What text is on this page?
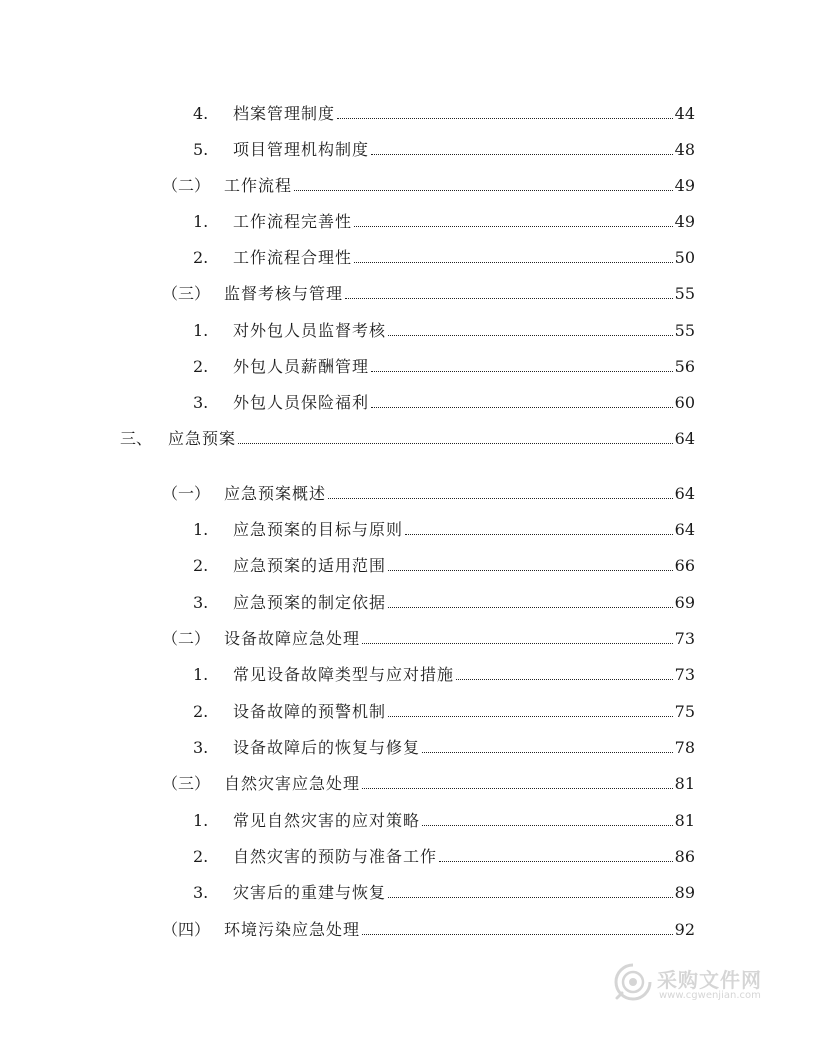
4.	档案管理制度	44
5.	项目管理机构制度	48
（二） 工作流程	49
1.	工作流程完善性	49
2.	工作流程合理性	50
（三） 监督考核与管理	55
1.	对外包人员监督考核	55
2.	外包人员薪酬管理	56
3.	外包人员保险福利	60
三、 应急预案	64
（一） 应急预案概述	64
1.	应急预案的目标与原则	64
2.	应急预案的适用范围	66
3.	应急预案的制定依据	69
（二） 设备故障应急处理	73
1.	常见设备故障类型与应对措施	73
2.	设备故障的预警机制	75
3.	设备故障后的恢复与修复	78
（三） 自然灾害应急处理	81
1.	常见自然灾害的应对策略	81
2.	自然灾害的预防与准备工作	86
3.	灾害后的重建与恢复	89
（四） 环境污染应急处理	92
采购文件网
www.cgwenjian.com
